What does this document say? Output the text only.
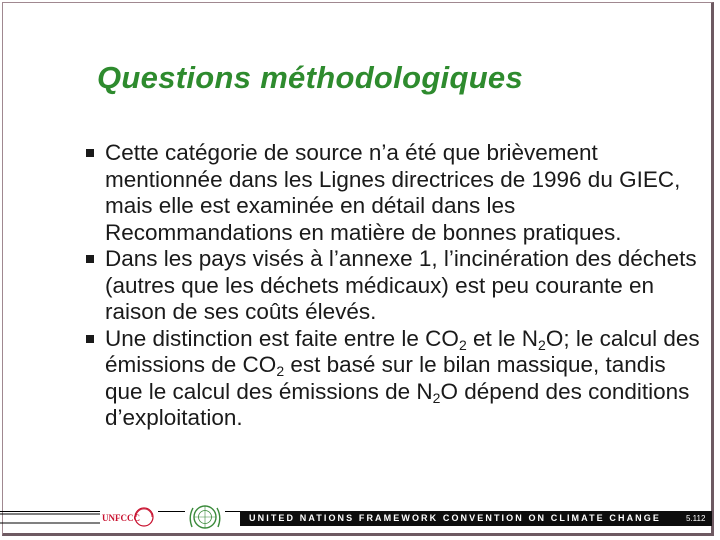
Questions méthodologiques
Cette catégorie de source n’a été que brièvement mentionnée dans les Lignes directrices de 1996 du GIEC, mais elle est examinée en détail dans les Recommandations en matière de bonnes pratiques.
Dans les pays visés à l’annexe 1, l’incinération des déchets (autres que les déchets médicaux) est peu courante en raison de ses coûts élevés.
Une distinction est faite entre le $CO_2$ et le $N_2O$; le calcul des émissions de $CO_2$ est basé sur le bilan massique, tandis que le calcul des émissions de $N_2O$ dépend des conditions d’exploitation.
UNFCCC	UNITED NATIONS FRAMEWORK CONVENTION ON CLIMATE CHANGE	5.112
